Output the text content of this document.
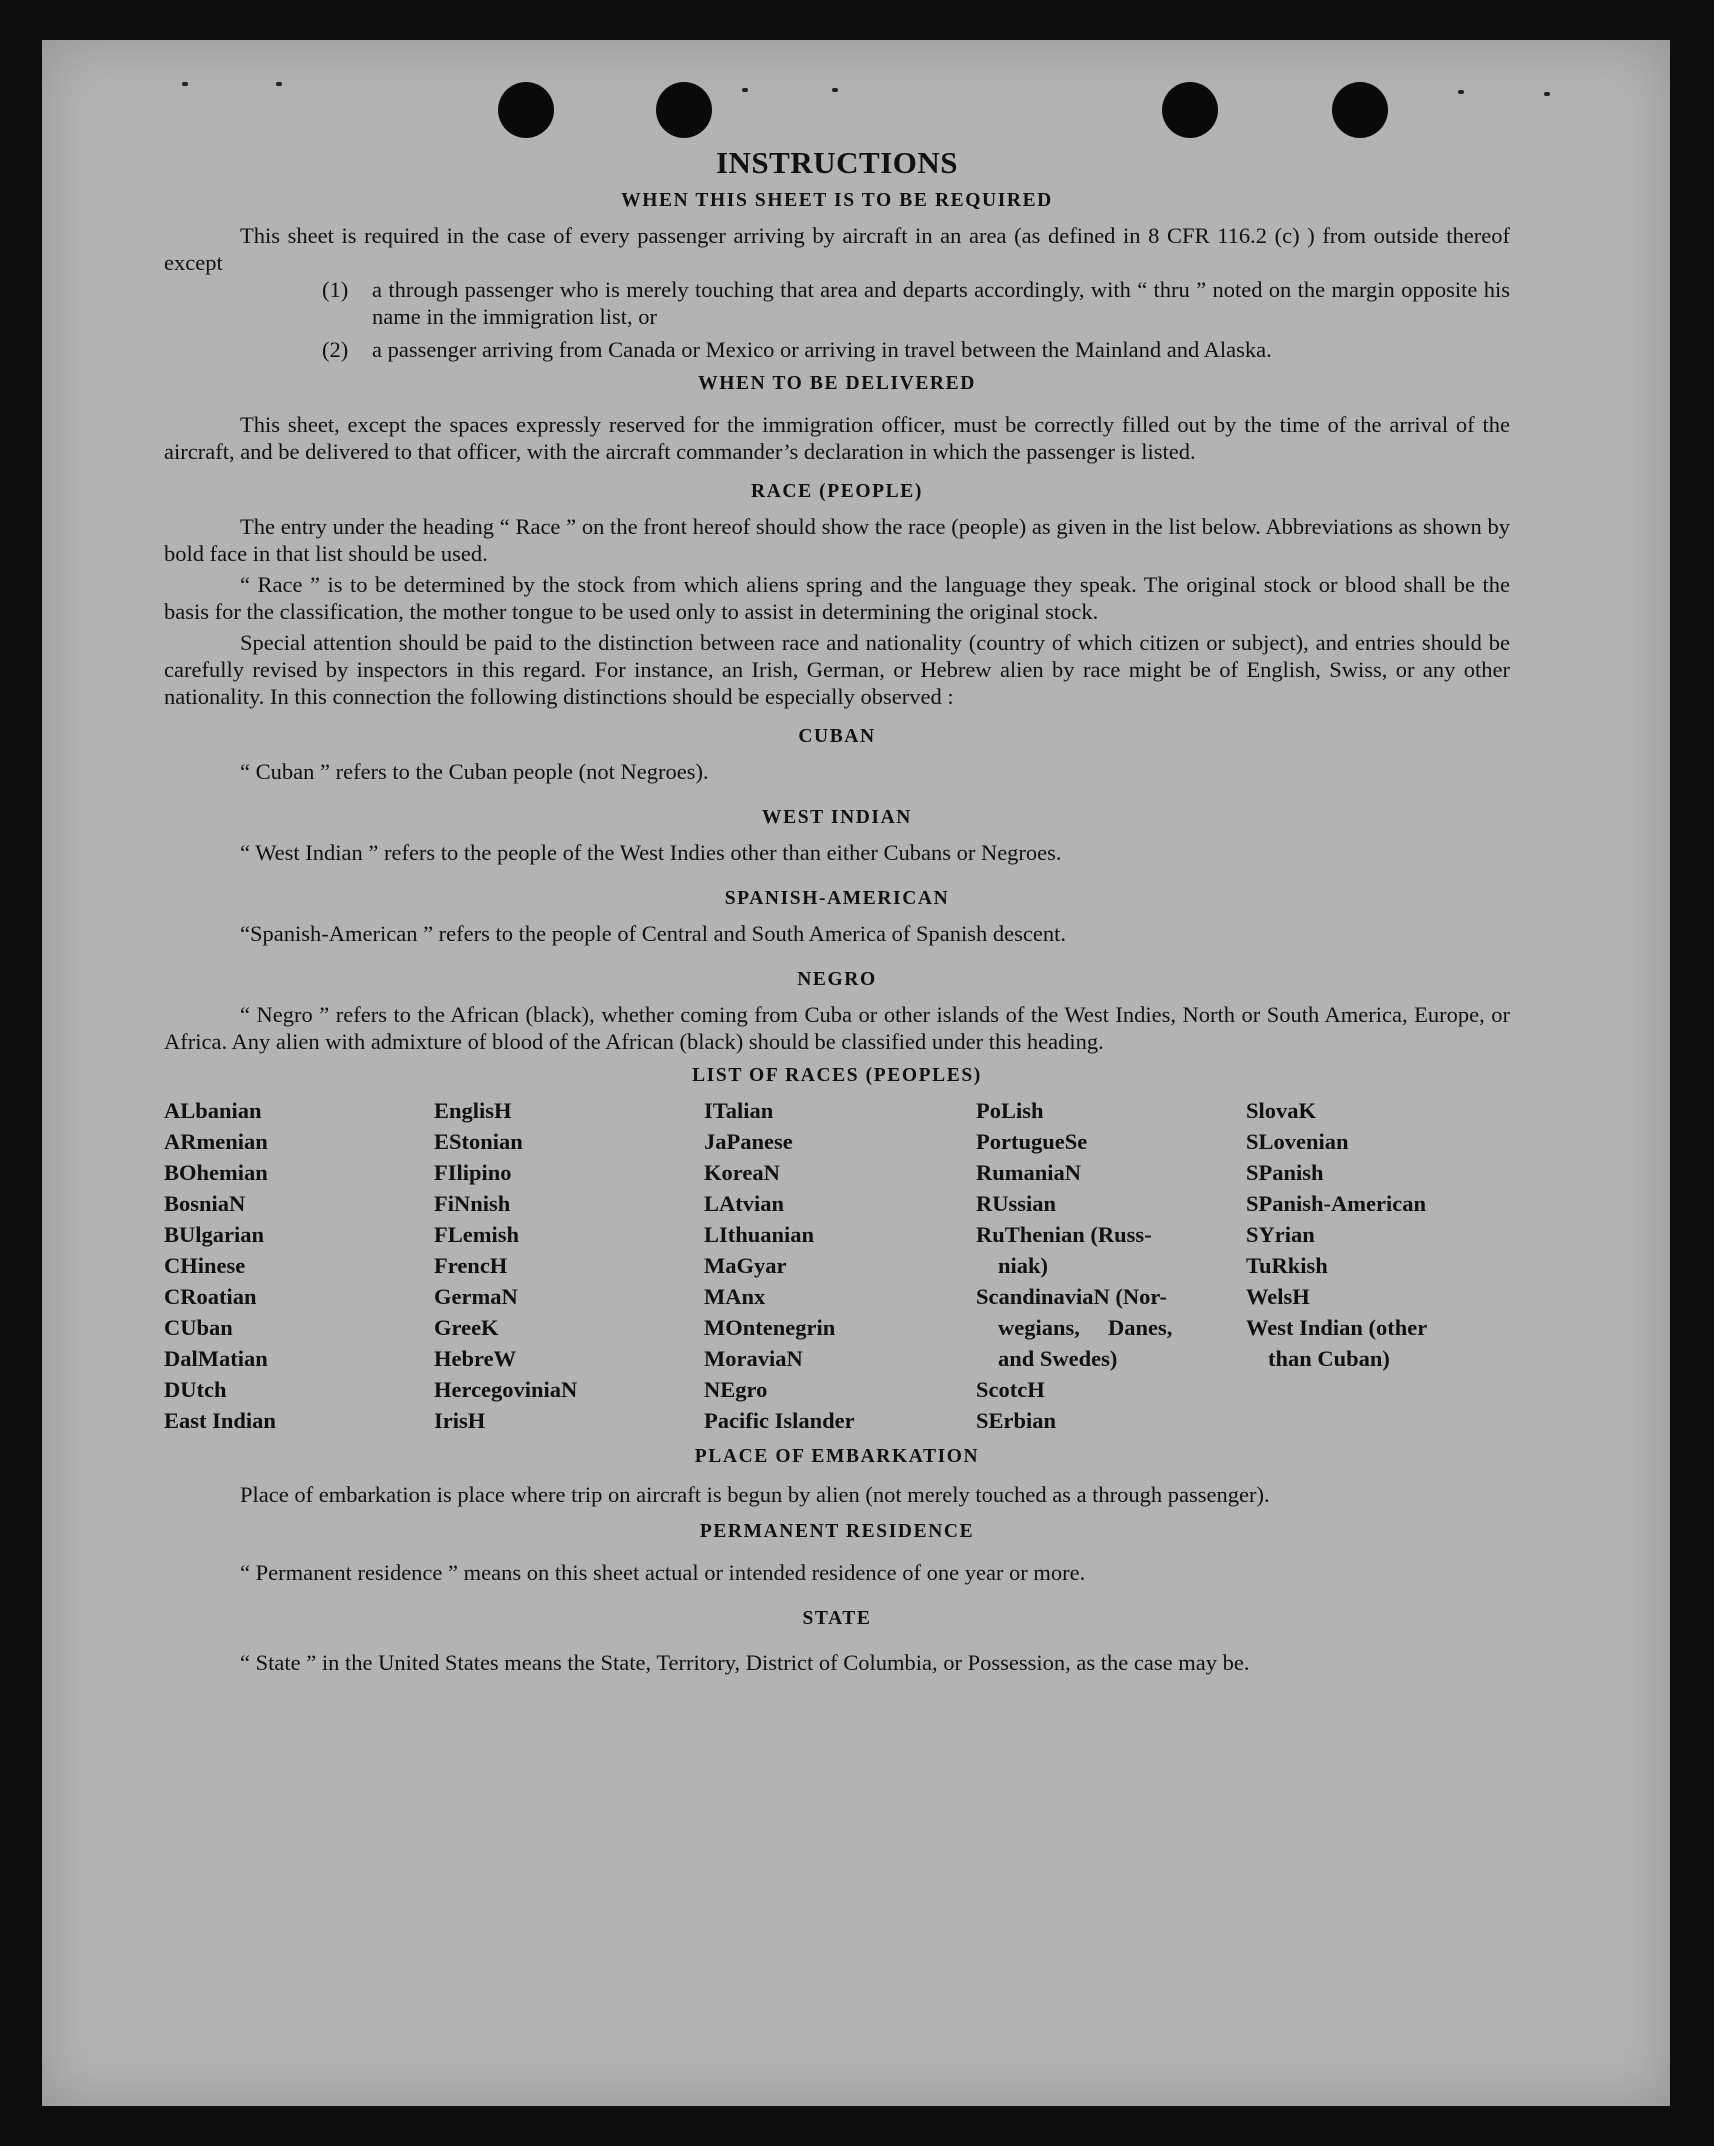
INSTRUCTIONS
WHEN THIS SHEET IS TO BE REQUIRED

This sheet is required in the case of every passenger arriving by aircraft in an area (as defined in 8 CFR 116.2 (c) ) from outside thereof except

(1)	a through passenger who is merely touching that area and departs accordingly, with “ thru ” noted on the margin opposite his name in the immigration list, or
(2)	a passenger arriving from Canada or Mexico or arriving in travel between the Mainland and Alaska.
WHEN TO BE DELIVERED

This sheet, except the spaces expressly reserved for the immigration officer, must be correctly filled out by the time of the arrival of the aircraft, and be delivered to that officer, with the aircraft commander’s declaration in which the passenger is listed.

RACE (PEOPLE)

The entry under the heading “ Race ” on the front hereof should show the race (people) as given in the list below. Abbreviations as shown by bold face in that list should be used.

“ Race ” is to be determined by the stock from which aliens spring and the language they speak. The original stock or blood shall be the basis for the classification, the mother tongue to be used only to assist in determining the original stock.

Special attention should be paid to the distinction between race and nationality (country of which citizen or subject), and entries should be carefully revised by inspectors in this regard. For instance, an Irish, German, or Hebrew alien by race might be of English, Swiss, or any other nationality. In this connection the following distinctions should be especially observed :

CUBAN

“ Cuban ” refers to the Cuban people (not Negroes).

WEST INDIAN

“ West Indian ” refers to the people of the West Indies other than either Cubans or Negroes.

SPANISH-AMERICAN

“Spanish-American ” refers to the people of Central and South America of Spanish descent.

NEGRO

“ Negro ” refers to the African (black), whether coming from Cuba or other islands of the West Indies, North or South America, Europe, or Africa. Any alien with admixture of blood of the African (black) should be classified under this heading.

LIST OF RACES (PEOPLES)
ALbanian
ARmenian
BOhemian
BosniaN
BUlgarian
CHinese
CRoatian
CUban
DalMatian
DUtch
East Indian
EnglisH
EStonian
FIlipino
FiNnish
FLemish
FrencH
GermaN
GreeK
HebreW
HercegoviniaN
IrisH
ITalian
JaPanese
KoreaN
LAtvian
LIthuanian
MaGyar
MAnx
MOntenegrin
MoraviaN
NEgro
Pacific Islander
PoLish
PortugueSe
RumaniaN
RUssian
RuThenian (Russ-
niak)
ScandinaviaN (Nor-
wegians,     Danes,
and Swedes)
ScotcH
SErbian
SlovaK
SLovenian
SPanish
SPanish-American
SYrian
TuRkish
WelsH
West Indian (other
than Cuban)
PLACE OF EMBARKATION

Place of embarkation is place where trip on aircraft is begun by alien (not merely touched as a through passenger).

PERMANENT RESIDENCE

“ Permanent residence ” means on this sheet actual or intended residence of one year or more.

STATE

“ State ” in the United States means the State, Territory, District of Columbia, or Possession, as the case may be.
